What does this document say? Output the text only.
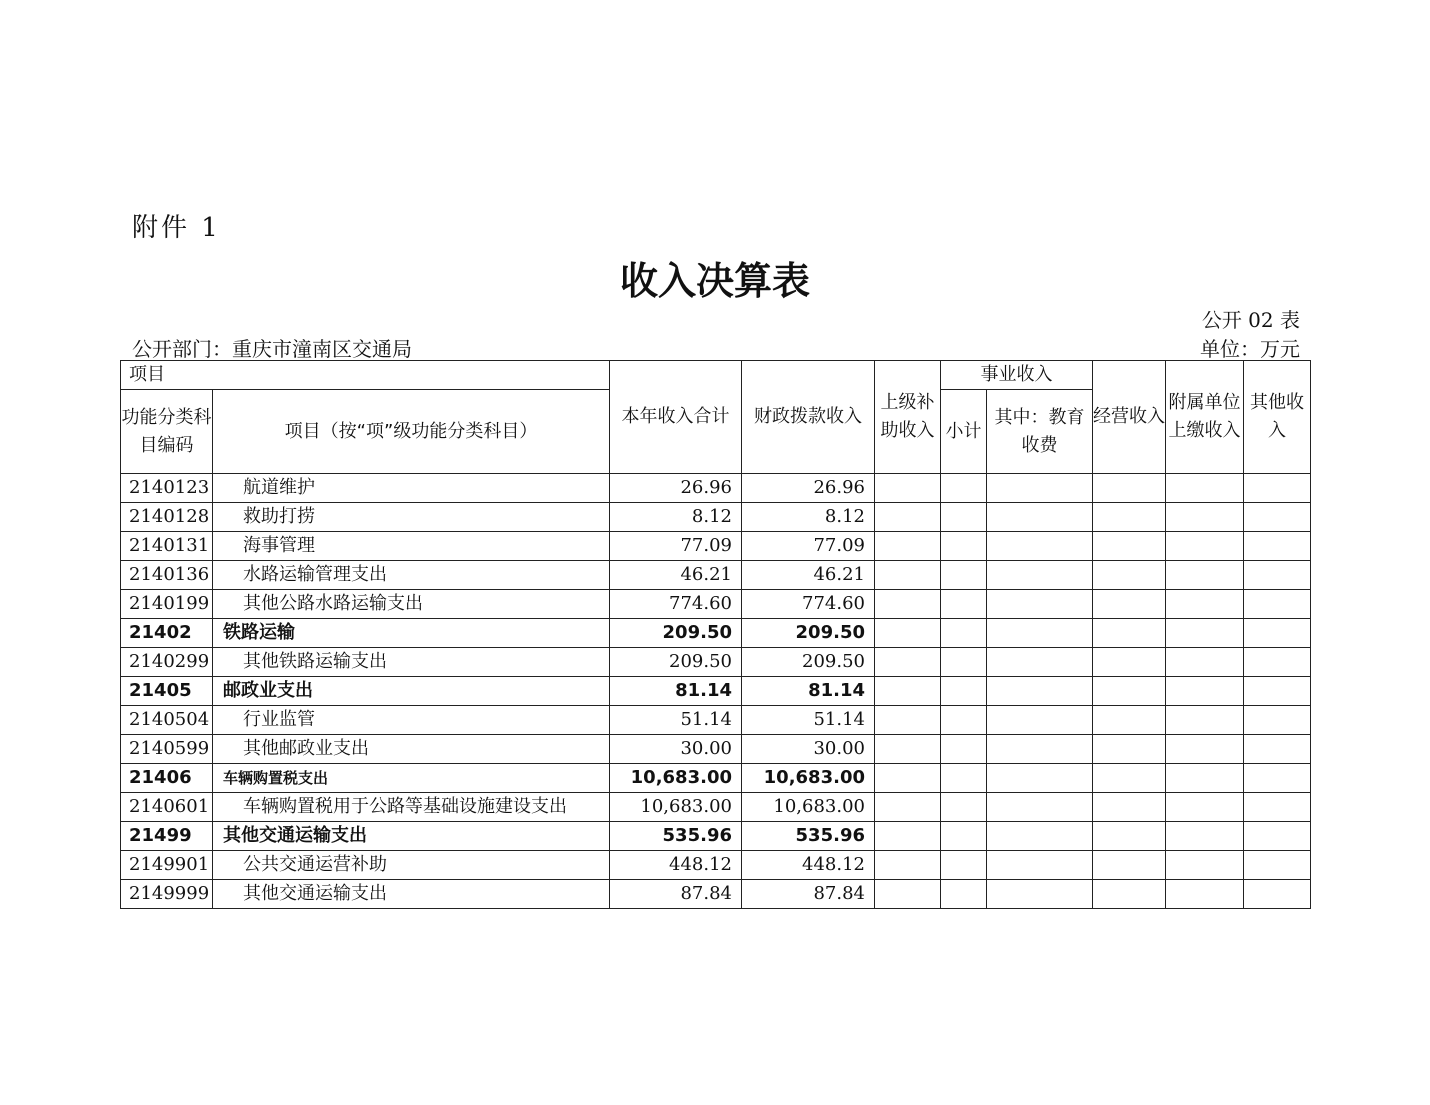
附件 1
收入决算表
公开 02 表
公开部门：重庆市潼南区交通局	单位：万元
项目		本年收入合计	财政拨款收入	上级补助收入	事业收入		经营收入	附属单位上缴收入	其他收入
功能分类科目编码	项目（按“项”级功能分类科目）				小计	其中：教育收费			
2140123	航道维护	26.96	26.96						
2140128	救助打捞	8.12	8.12						
2140131	海事管理	77.09	77.09						
2140136	水路运输管理支出	46.21	46.21						
2140199	其他公路水路运输支出	774.60	774.60						
21402	铁路运输	209.50	209.50						
2140299	其他铁路运输支出	209.50	209.50						
21405	邮政业支出	81.14	81.14						
2140504	行业监管	51.14	51.14						
2140599	其他邮政业支出	30.00	30.00						
21406	车辆购置税支出	10,683.00	10,683.00						
2140601	车辆购置税用于公路等基础设施建设支出	10,683.00	10,683.00						
21499	其他交通运输支出	535.96	535.96						
2149901	公共交通运营补助	448.12	448.12						
2149999	其他交通运输支出	87.84	87.84						
